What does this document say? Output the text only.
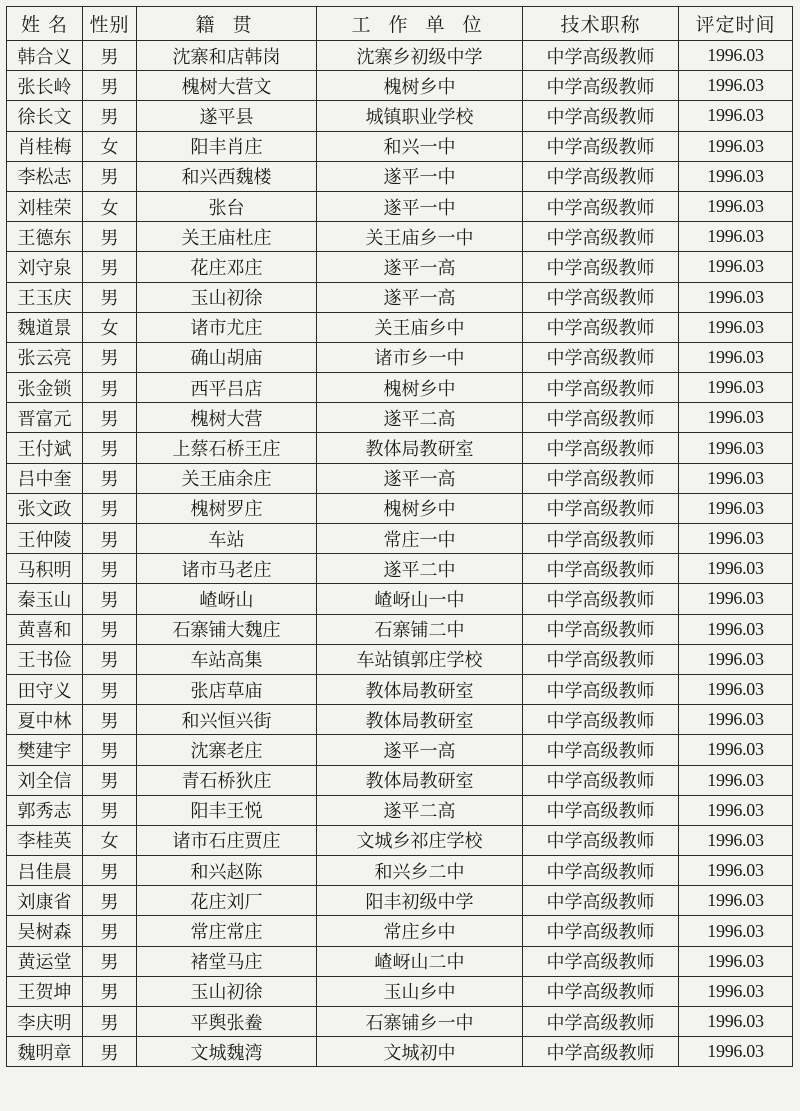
姓 名	性别	籍 贯	工 作 单 位	技术职称	评定时间
韩合义	男	沈寨和店韩岗	沈寨乡初级中学	中学高级教师	1996.03
张长岭	男	槐树大营文	槐树乡中	中学高级教师	1996.03
徐长文	男	遂平县	城镇职业学校	中学高级教师	1996.03
肖桂梅	女	阳丰肖庄	和兴一中	中学高级教师	1996.03
李松志	男	和兴西魏楼	遂平一中	中学高级教师	1996.03
刘桂荣	女	张台	遂平一中	中学高级教师	1996.03
王德东	男	关王庙杜庄	关王庙乡一中	中学高级教师	1996.03
刘守泉	男	花庄邓庄	遂平一高	中学高级教师	1996.03
王玉庆	男	玉山初徐	遂平一高	中学高级教师	1996.03
魏道景	女	诸市尤庄	关王庙乡中	中学高级教师	1996.03
张云亮	男	确山胡庙	诸市乡一中	中学高级教师	1996.03
张金锁	男	西平吕店	槐树乡中	中学高级教师	1996.03
晋富元	男	槐树大营	遂平二高	中学高级教师	1996.03
王付斌	男	上蔡石桥王庄	教体局教研室	中学高级教师	1996.03
吕中奎	男	关王庙余庄	遂平一高	中学高级教师	1996.03
张文政	男	槐树罗庄	槐树乡中	中学高级教师	1996.03
王仲陵	男	车站	常庄一中	中学高级教师	1996.03
马积明	男	诸市马老庄	遂平二中	中学高级教师	1996.03
秦玉山	男	嵖岈山	嵖岈山一中	中学高级教师	1996.03
黄喜和	男	石寨铺大魏庄	石寨铺二中	中学高级教师	1996.03
王书俭	男	车站高集	车站镇郭庄学校	中学高级教师	1996.03
田守义	男	张店草庙	教体局教研室	中学高级教师	1996.03
夏中林	男	和兴恒兴街	教体局教研室	中学高级教师	1996.03
樊建宇	男	沈寨老庄	遂平一高	中学高级教师	1996.03
刘全信	男	青石桥狄庄	教体局教研室	中学高级教师	1996.03
郭秀志	男	阳丰王悦	遂平二高	中学高级教师	1996.03
李桂英	女	诸市石庄贾庄	文城乡祁庄学校	中学高级教师	1996.03
吕佳晨	男	和兴赵陈	和兴乡二中	中学高级教师	1996.03
刘康省	男	花庄刘厂	阳丰初级中学	中学高级教师	1996.03
吴树森	男	常庄常庄	常庄乡中	中学高级教师	1996.03
黄运堂	男	褚堂马庄	嵖岈山二中	中学高级教师	1996.03
王贺坤	男	玉山初徐	玉山乡中	中学高级教师	1996.03
李庆明	男	平舆张鲞	石寨铺乡一中	中学高级教师	1996.03
魏明章	男	文城魏湾	文城初中	中学高级教师	1996.03
